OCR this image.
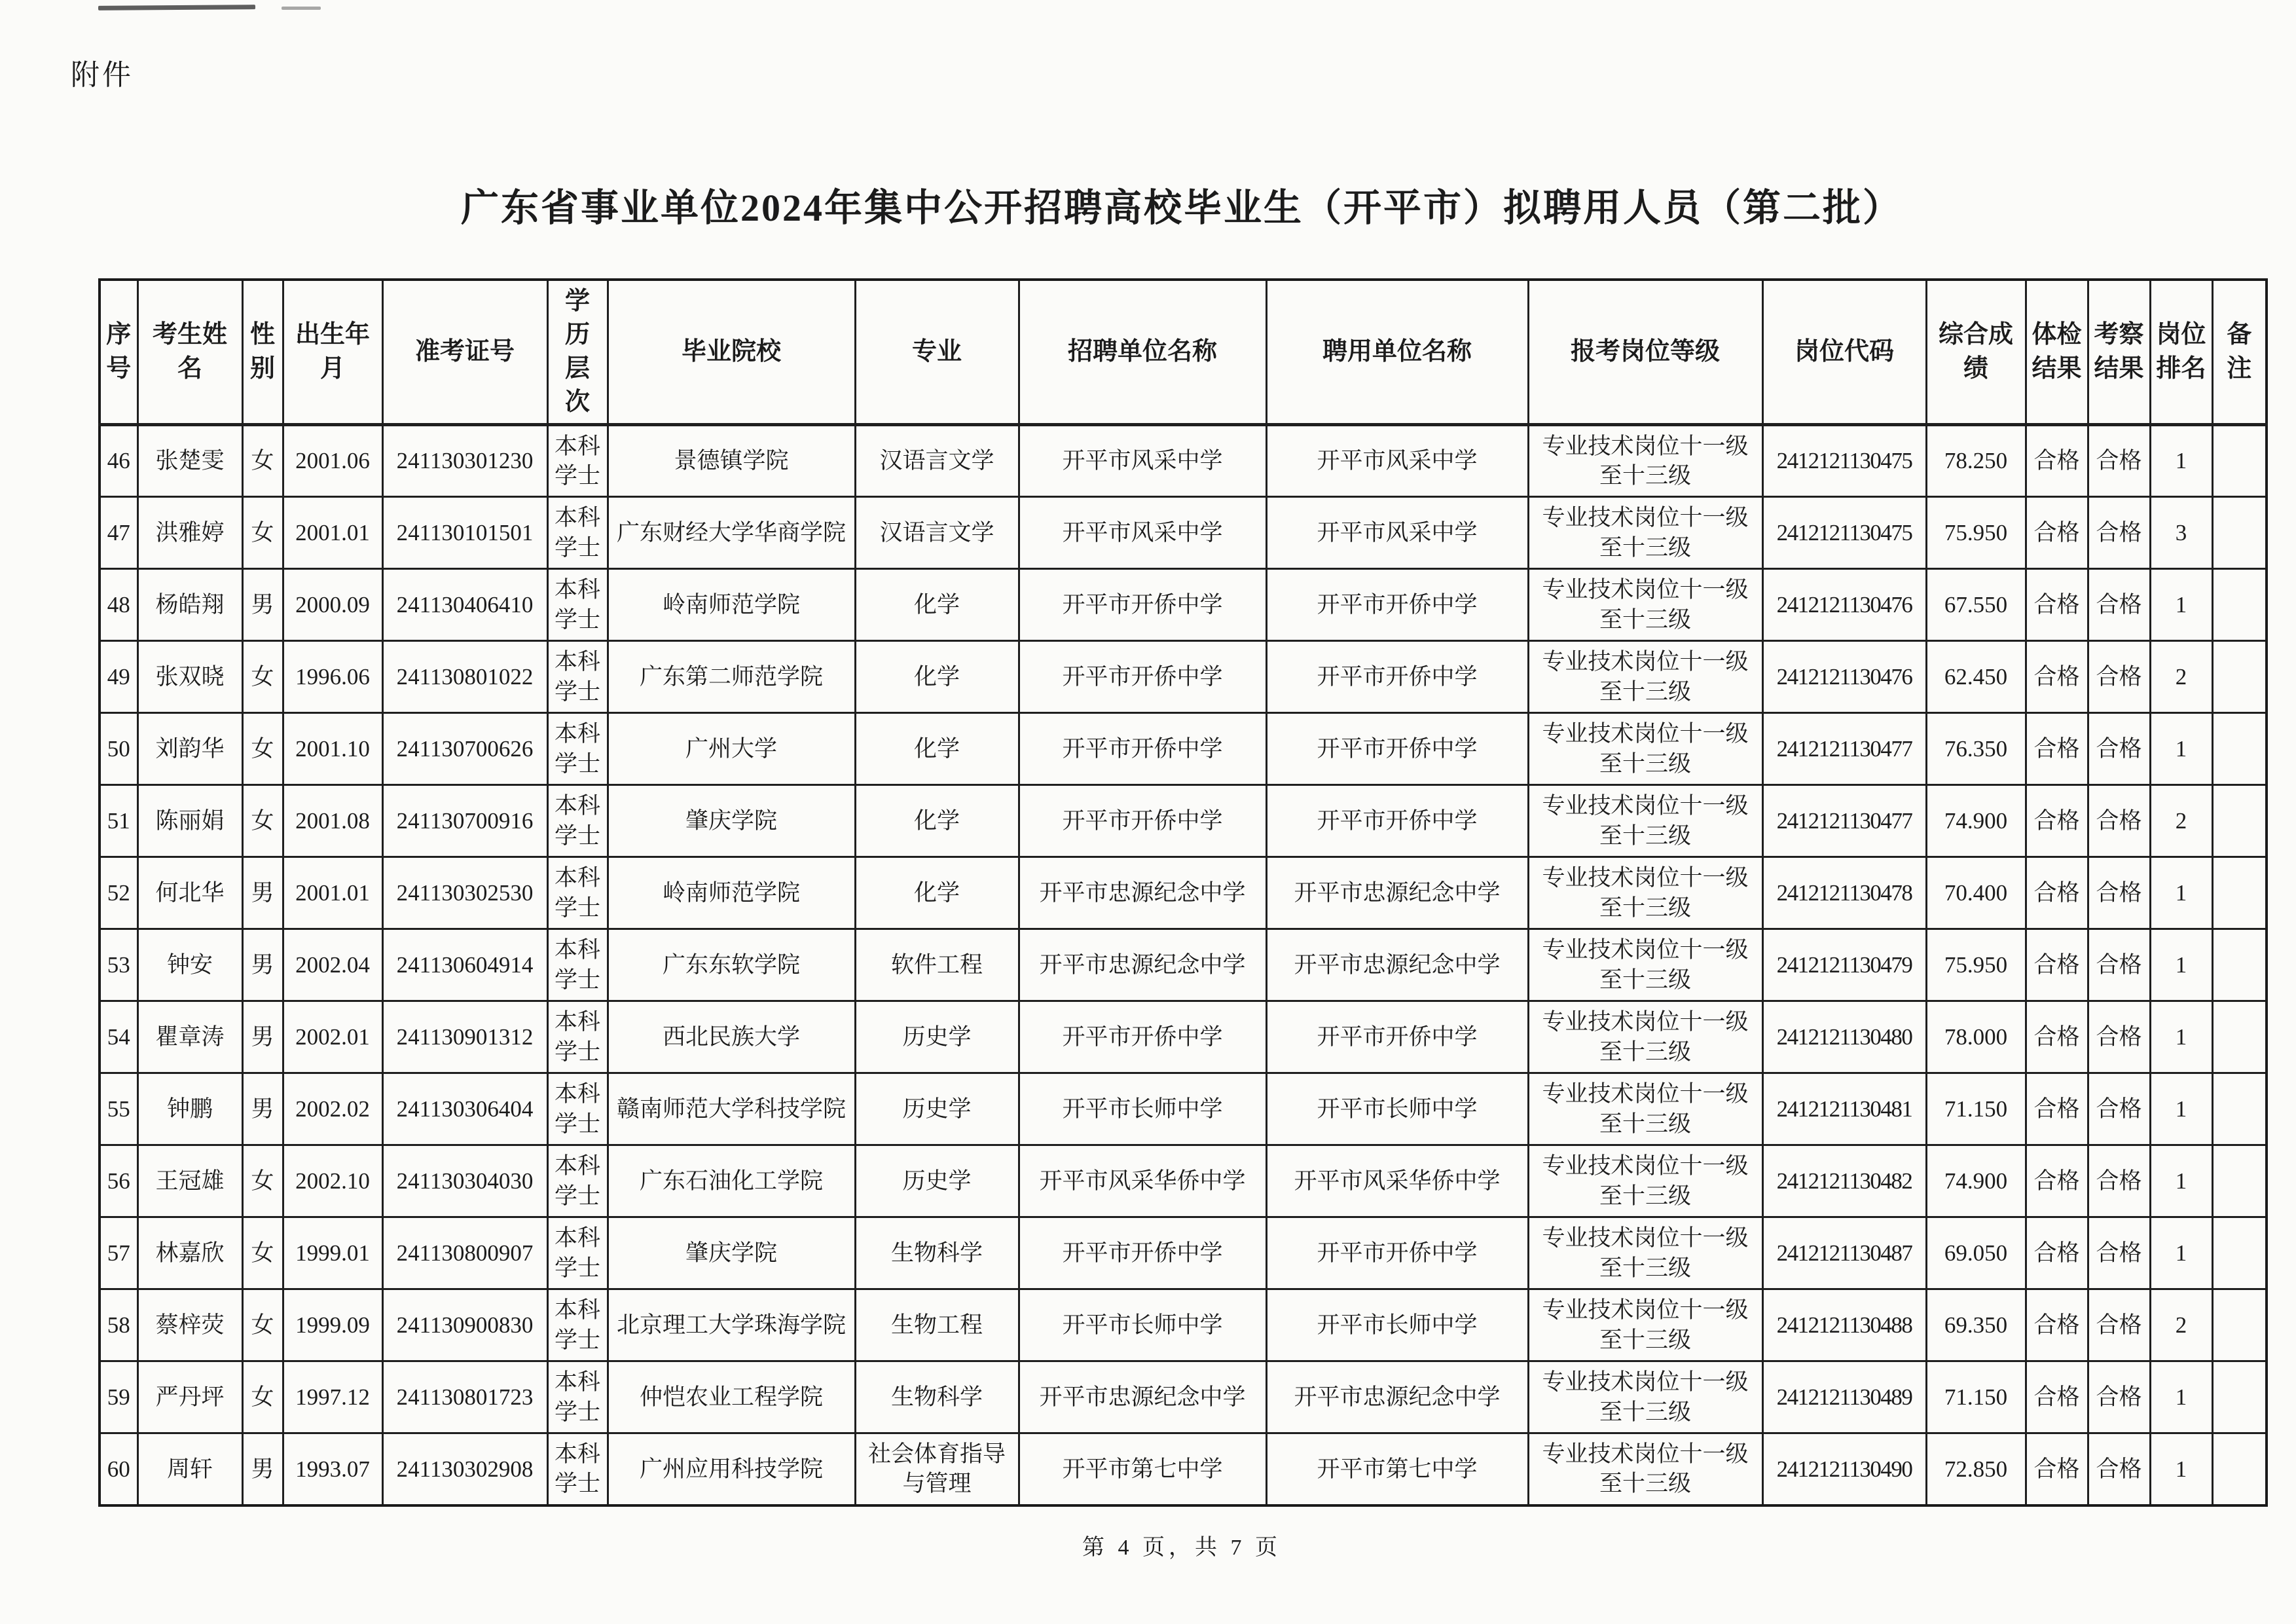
附件
广东省事业单位2024年集中公开招聘高校毕业生（开平市）拟聘用人员（第二批）
序号	考生姓名	性别	出生年月	准考证号	学历层次	毕业院校	专业	招聘单位名称	聘用单位名称	报考岗位等级	岗位代码	综合成绩	体检结果	考察结果	岗位排名	备注
46	张楚雯	女	2001.06	241130301230	本科学士	景德镇学院	汉语言文学	开平市风采中学	开平市风采中学	专业技术岗位十一级至十三级	2412121130475	78.250	合格	合格	1	
47	洪雅婷	女	2001.01	241130101501	本科学士	广东财经大学华商学院	汉语言文学	开平市风采中学	开平市风采中学	专业技术岗位十一级至十三级	2412121130475	75.950	合格	合格	3	
48	杨皓翔	男	2000.09	241130406410	本科学士	岭南师范学院	化学	开平市开侨中学	开平市开侨中学	专业技术岗位十一级至十三级	2412121130476	67.550	合格	合格	1	
49	张双晓	女	1996.06	241130801022	本科学士	广东第二师范学院	化学	开平市开侨中学	开平市开侨中学	专业技术岗位十一级至十三级	2412121130476	62.450	合格	合格	2	
50	刘韵华	女	2001.10	241130700626	本科学士	广州大学	化学	开平市开侨中学	开平市开侨中学	专业技术岗位十一级至十三级	2412121130477	76.350	合格	合格	1	
51	陈丽娟	女	2001.08	241130700916	本科学士	肇庆学院	化学	开平市开侨中学	开平市开侨中学	专业技术岗位十一级至十三级	2412121130477	74.900	合格	合格	2	
52	何北华	男	2001.01	241130302530	本科学士	岭南师范学院	化学	开平市忠源纪念中学	开平市忠源纪念中学	专业技术岗位十一级至十三级	2412121130478	70.400	合格	合格	1	
53	钟安	男	2002.04	241130604914	本科学士	广东东软学院	软件工程	开平市忠源纪念中学	开平市忠源纪念中学	专业技术岗位十一级至十三级	2412121130479	75.950	合格	合格	1	
54	瞿章涛	男	2002.01	241130901312	本科学士	西北民族大学	历史学	开平市开侨中学	开平市开侨中学	专业技术岗位十一级至十三级	2412121130480	78.000	合格	合格	1	
55	钟鹏	男	2002.02	241130306404	本科学士	赣南师范大学科技学院	历史学	开平市长师中学	开平市长师中学	专业技术岗位十一级至十三级	2412121130481	71.150	合格	合格	1	
56	王冠雄	女	2002.10	241130304030	本科学士	广东石油化工学院	历史学	开平市风采华侨中学	开平市风采华侨中学	专业技术岗位十一级至十三级	2412121130482	74.900	合格	合格	1	
57	林嘉欣	女	1999.01	241130800907	本科学士	肇庆学院	生物科学	开平市开侨中学	开平市开侨中学	专业技术岗位十一级至十三级	2412121130487	69.050	合格	合格	1	
58	蔡梓荧	女	1999.09	241130900830	本科学士	北京理工大学珠海学院	生物工程	开平市长师中学	开平市长师中学	专业技术岗位十一级至十三级	2412121130488	69.350	合格	合格	2	
59	严丹坪	女	1997.12	241130801723	本科学士	仲恺农业工程学院	生物科学	开平市忠源纪念中学	开平市忠源纪念中学	专业技术岗位十一级至十三级	2412121130489	71.150	合格	合格	1	
60	周轩	男	1993.07	241130302908	本科学士	广州应用科技学院	社会体育指导与管理	开平市第七中学	开平市第七中学	专业技术岗位十一级至十三级	2412121130490	72.850	合格	合格	1	
第 4 页，共 7 页
